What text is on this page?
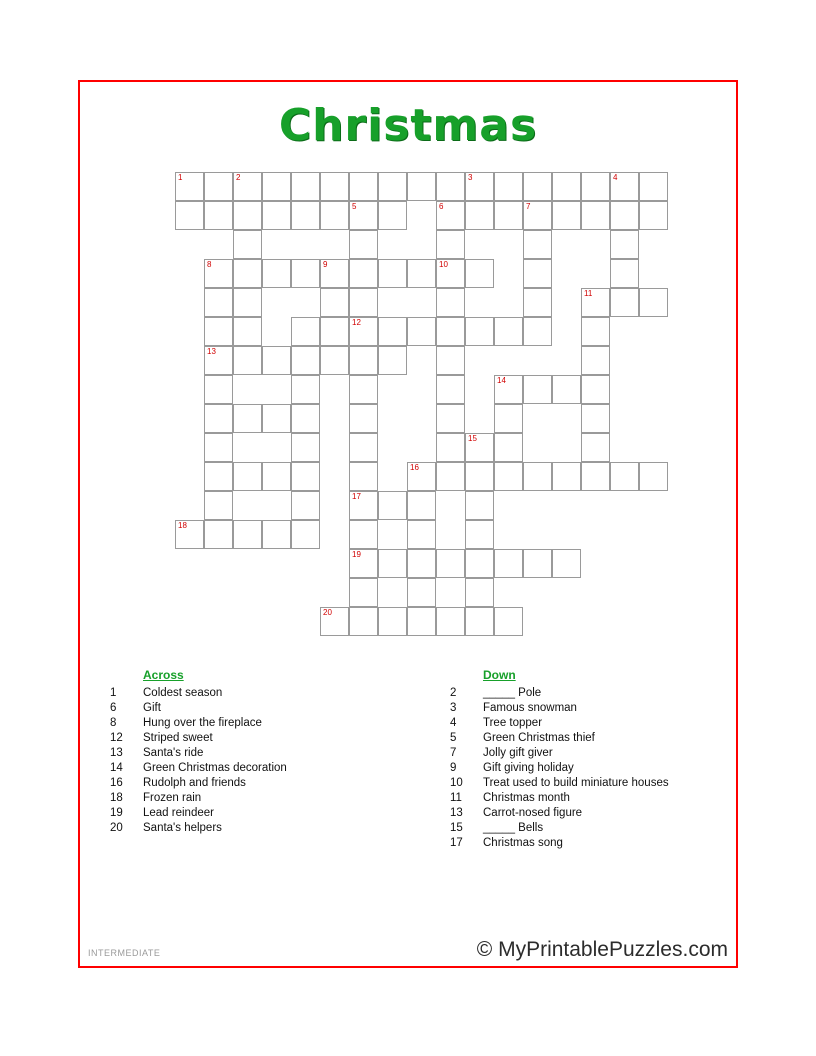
Christmas
1	2	3	4
5	6	7
8	9	10
11
12
13
14
15
16
17
18
19
20
Across
1	Coldest season
6	Gift
8	Hung over the fireplace
12	Striped sweet
13	Santa's ride
14	Green Christmas decoration
16	Rudolph and friends
18	Frozen rain
19	Lead reindeer
20	Santa's helpers
Down
2	_____ Pole
3	Famous snowman
4	Tree topper
5	Green Christmas thief
7	Jolly gift giver
9	Gift giving holiday
10	Treat used to build miniature houses
11	Christmas month
13	Carrot-nosed figure
15	_____ Bells
17	Christmas song
INTERMEDIATE	© MyPrintablePuzzles.com
